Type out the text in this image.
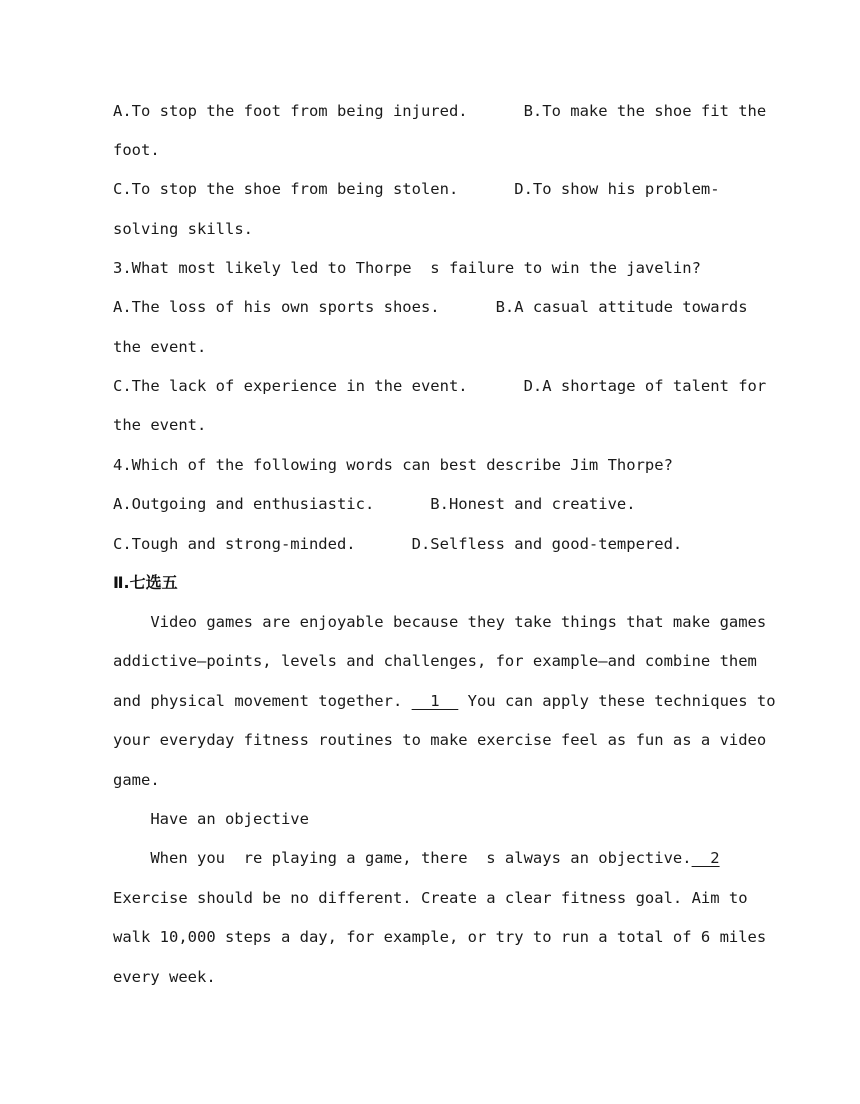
A.To stop the foot from being injured.      B.To make the shoe fit the
foot.
C.To stop the shoe from being stolen.      D.To show his problem-
solving skills.
3.What most likely led to Thorpe  s failure to win the javelin?
A.The loss of his own sports shoes.      B.A casual attitude towards
the event.
C.The lack of experience in the event.      D.A shortage of talent for
the event.
4.Which of the following words can best describe Jim Thorpe?
A.Outgoing and enthusiastic.      B.Honest and creative.
C.Tough and strong-minded.      D.Selfless and good-tempered.
Ⅱ.七选五
Video games are enjoyable because they take things that make games
addictive—points, levels and challenges, for example—and combine them
and physical movement together.   1   You can apply these techniques to
your everyday fitness routines to make exercise feel as fun as a video
game.
Have an objective
When you  re playing a game, there  s always an objective.  2
Exercise should be no different. Create a clear fitness goal. Aim to
walk 10,000 steps a day, for example, or try to run a total of 6 miles
every week.
